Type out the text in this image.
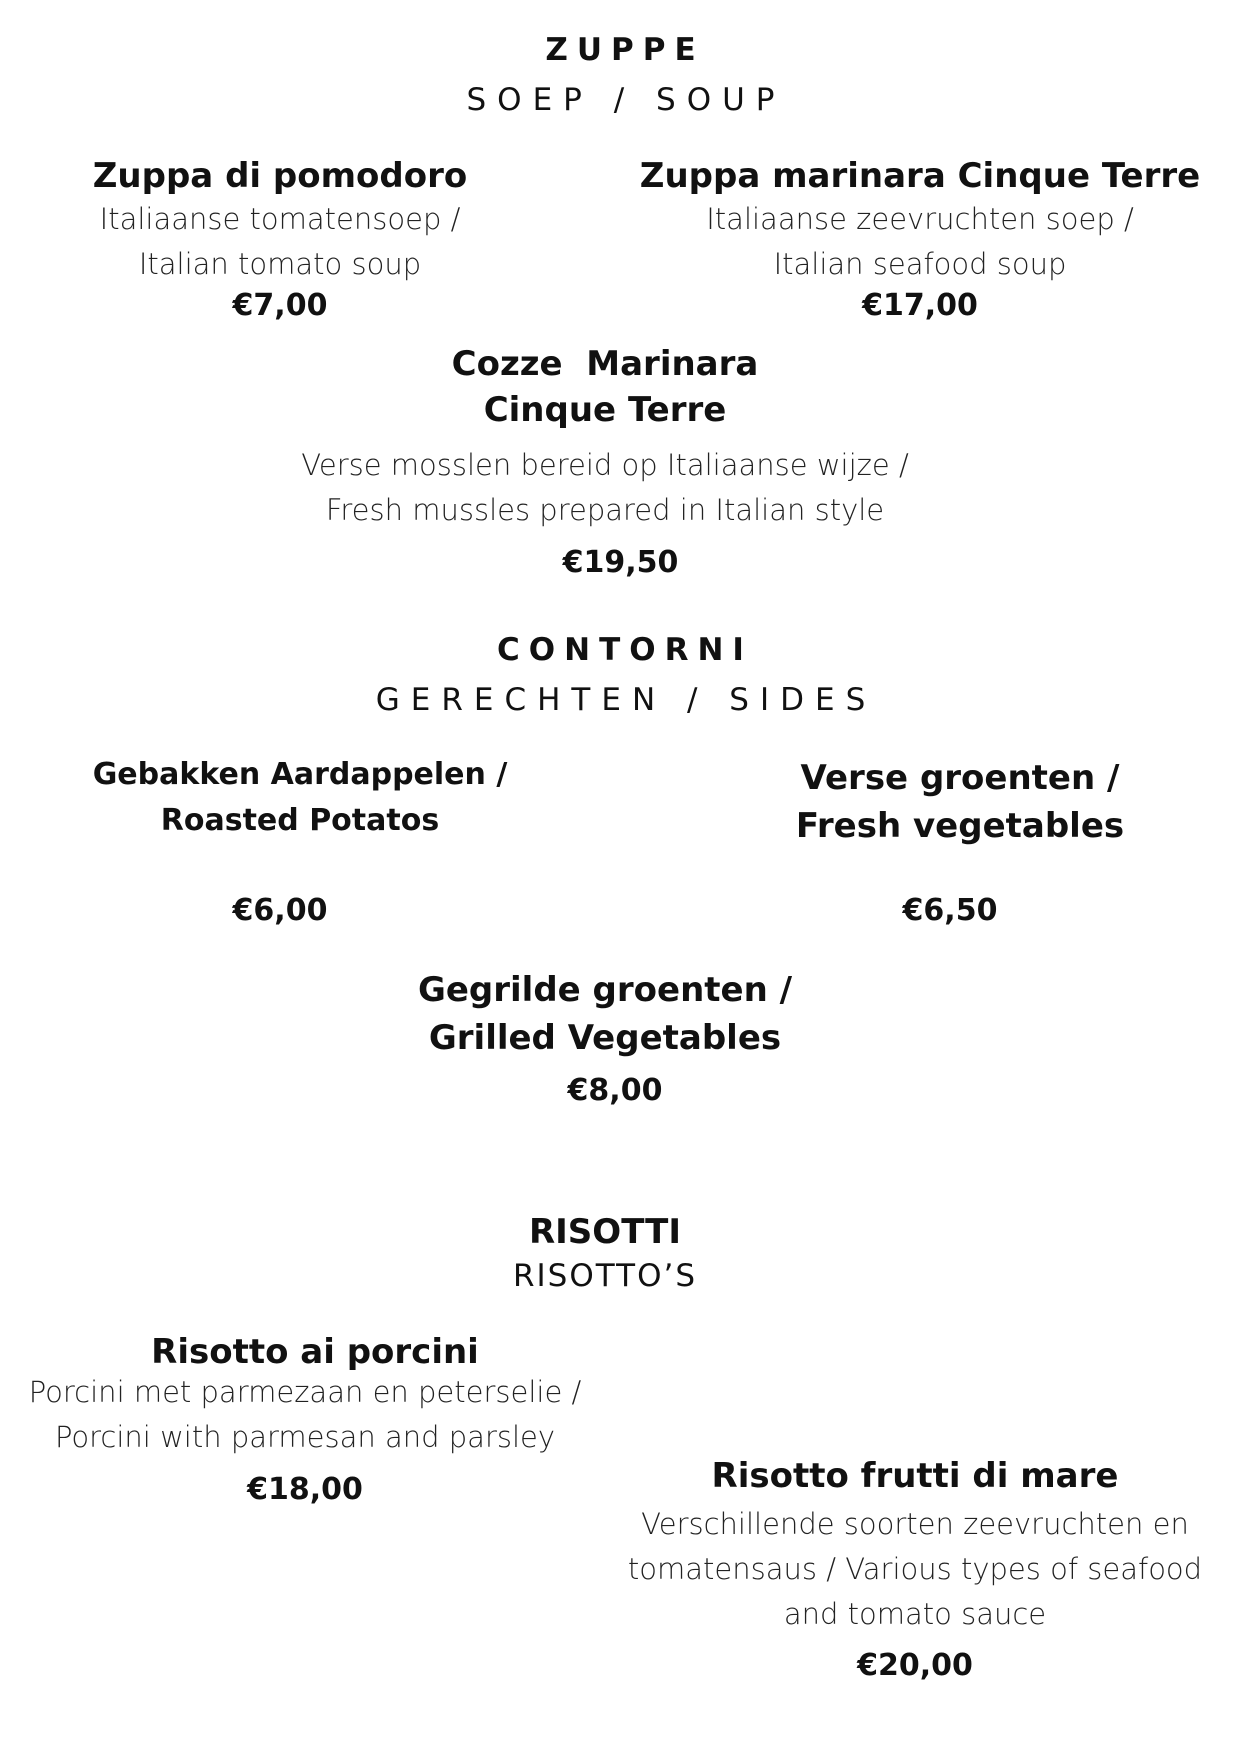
ZUPPE
SOEP / SOUP
Zuppa di pomodoro
Italiaanse tomatensoep /
Italian tomato soup
€7,00
Zuppa marinara Cinque Terre
Italiaanse zeevruchten soep /
Italian seafood soup
€17,00
Cozze  Marinara
Cinque Terre
Verse mosslen bereid op Italiaanse wijze /
Fresh mussles prepared in Italian style
€19,50
CONTORNI
GERECHTEN / SIDES
Gebakken Aardappelen /
Roasted Potatos
€6,00
Verse groenten /
Fresh vegetables
€6,50
Gegrilde groenten /
Grilled Vegetables
€8,00
RISOTTI
RISOTTO’S
Risotto ai porcini
Porcini met parmezaan en peterselie /
Porcini with parmesan and parsley
€18,00	Risotto frutti di mare
Verschillende soorten zeevruchten en
tomatensaus / Various types of seafood
and tomato sauce
€20,00
